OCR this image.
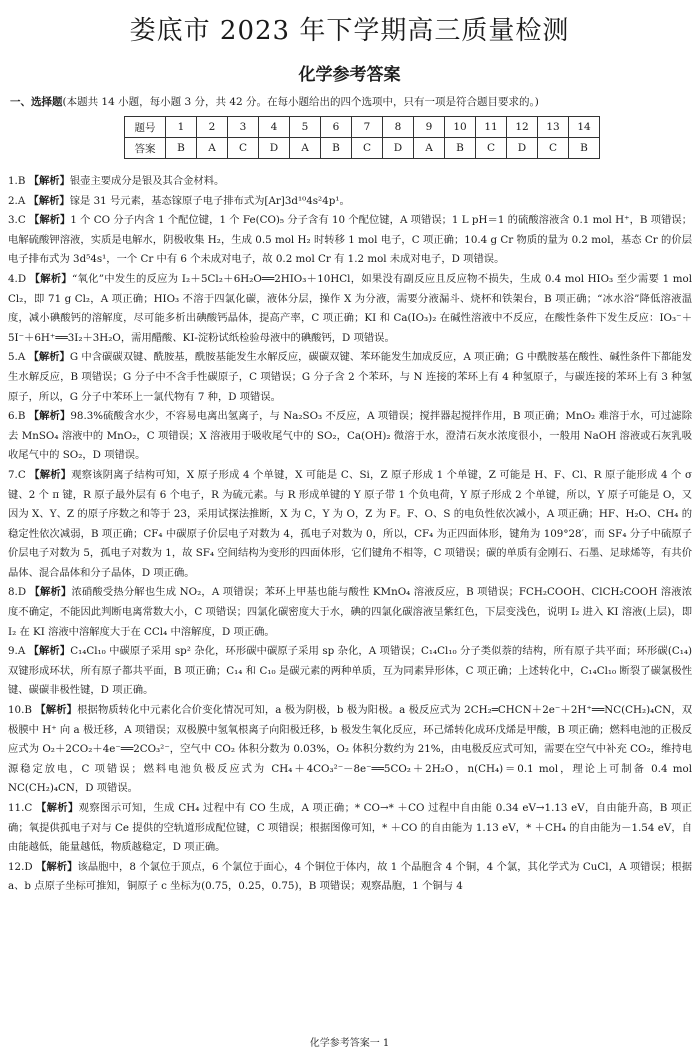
娄底市 2023 年下学期高三质量检测
化学参考答案
一、选择题(本题共 14 小题，每小题 3 分，共 42 分。在每小题给出的四个选项中，只有一项是符合题目要求的。)
题号	1	2	3	4	5	6	7	8	9	10	11	12	13	14
答案	B	A	C	D	A	B	C	D	A	B	C	D	C	B

1.B 【解析】银壶主要成分是银及其合金材料。

2.A 【解析】镓是 31 号元素，基态镓原子电子排布式为[Ar]3d¹⁰4s²4p¹。

3.C 【解析】1 个 CO 分子内含 1 个配位键，1 个 Fe(CO)₅ 分子含有 10 个配位键，A 项错误；1 L pH＝1 的硫酸溶液含 0.1 mol H⁺，B 项错误；电解硫酸钾溶液，实质是电解水，阴极收集 H₂，生成 0.5 mol H₂ 时转移 1 mol 电子，C 项正确；10.4 g Cr 物质的量为 0.2 mol，基态 Cr 的价层电子排布式为 3d⁵4s¹，一个 Cr 中有 6 个未成对电子，故 0.2 mol Cr 有 1.2 mol 未成对电子，D 项错误。

4.D 【解析】“氧化”中发生的反应为 I₂＋5Cl₂＋6H₂O══2HIO₃＋10HCl，如果没有副反应且反应物不损失，生成 0.4 mol HIO₃ 至少需要 1 mol Cl₂，即 71 g Cl₂，A 项正确；HIO₃ 不溶于四氯化碳，液体分层，操作 X 为分液，需要分液漏斗、烧杯和铁架台，B 项正确；“冰水浴”降低溶液温度，减小碘酸钙的溶解度，尽可能多析出碘酸钙晶体，提高产率，C 项正确；KI 和 Ca(IO₃)₂ 在碱性溶液中不反应，在酸性条件下发生反应：IO₃⁻＋5I⁻＋6H⁺══3I₂＋3H₂O，需用醋酸、KI-淀粉试纸检验母液中的碘酸钙，D 项错误。

5.A 【解析】G 中含碳碳双键、酰胺基，酰胺基能发生水解反应，碳碳双键、苯环能发生加成反应，A 项正确；G 中酰胺基在酸性、碱性条件下都能发生水解反应，B 项错误；G 分子中不含手性碳原子，C 项错误；G 分子含 2 个苯环，与 N 连接的苯环上有 4 种氢原子，与碳连接的苯环上有 3 种氢原子，所以，G 分子中苯环上一氯代物有 7 种，D 项错误。

6.B 【解析】98.3%硫酸含水少，不容易电离出氢离子，与 Na₂SO₃ 不反应，A 项错误；搅拌器起搅拌作用，B 项正确；MnO₂ 难溶于水，可过滤除去 MnSO₄ 溶液中的 MnO₂，C 项错误；X 溶液用于吸收尾气中的 SO₂，Ca(OH)₂ 微溶于水，澄清石灰水浓度很小，一般用 NaOH 溶液或石灰乳吸收尾气中的 SO₂，D 项错误。

7.C 【解析】观察该阴离子结构可知，X 原子形成 4 个单键，X 可能是 C、Si，Z 原子形成 1 个单键，Z 可能是 H、F、Cl、R 原子能形成 4 个 σ 键、2 个 π 键，R 原子最外层有 6 个电子，R 为硫元素。与 R 形成单键的 Y 原子带 1 个负电荷，Y 原子形成 2 个单键，所以，Y 原子可能是 O，又因为 X、Y、Z 的原子序数之和等于 23，采用试探法推断，X 为 C，Y 为 O，Z 为 F。F、O、S 的电负性依次减小，A 项正确；HF、H₂O、CH₄ 的稳定性依次减弱，B 项正确；CF₄ 中碳原子价层电子对数为 4，孤电子对数为 0，所以，CF₄ 为正四面体形，键角为 109°28′，而 SF₄ 分子中硫原子价层电子对数为 5，孤电子对数为 1，故 SF₄ 空间结构为变形的四面体形，它们键角不相等，C 项错误；碳的单质有金刚石、石墨、足球烯等，有共价晶体、混合晶体和分子晶体，D 项正确。

8.D 【解析】浓硝酸受热分解也生成 NO₂，A 项错误；苯环上甲基也能与酸性 KMnO₄ 溶液反应，B 项错误；FCH₂COOH、ClCH₂COOH 溶液浓度不确定，不能因此判断电离常数大小，C 项错误；四氯化碳密度大于水，碘的四氯化碳溶液呈紫红色，下层变浅色，说明 I₂ 进入 KI 溶液(上层)，即 I₂ 在 KI 溶液中溶解度大于在 CCl₄ 中溶解度，D 项正确。

9.A 【解析】C₁₄Cl₁₀ 中碳原子采用 sp² 杂化，环形碳中碳原子采用 sp 杂化，A 项错误；C₁₄Cl₁₀ 分子类似萘的结构，所有原子共平面；环形碳(C₁₄)双键形成环状，所有原子都共平面，B 项正确；C₁₄ 和 C₁₀ 是碳元素的两种单质，互为同素异形体，C 项正确；上述转化中，C₁₄Cl₁₀ 断裂了碳氯极性键、碳碳非极性键，D 项正确。

10.B 【解析】根据物质转化中元素化合价变化情况可知，a 极为阴极，b 极为阳极。a 极反应式为 2CH₂═CHCN＋2e⁻＋2H⁺══NC(CH₂)₄CN，双极膜中 H⁺ 向 a 极迁移，A 项错误；双极膜中氢氧根离子向阳极迁移，b 极发生氧化反应，环己烯转化成环戊烯是甲酸，B 项正确；燃料电池的正极反应式为 O₂＋2CO₂＋4e⁻══2CO₃²⁻，空气中 CO₂ 体积分数为 0.03%，O₂ 体积分数约为 21%，由电极反应式可知，需要在空气中补充 CO₂，维持电源稳定放电，C 项错误；燃料电池负极反应式为 CH₄＋4CO₃²⁻－8e⁻══5CO₂＋2H₂O，n(CH₄)＝0.1 mol，理论上可制备 0.4 mol NC(CH₂)₄CN，D 项错误。

11.C 【解析】观察图示可知，生成 CH₄ 过程中有 CO 生成，A 项正确；* CO→* ＋CO 过程中自由能 0.34 eV→1.13 eV，自由能升高，B 项正确；氧提供孤电子对与 Ce 提供的空轨道形成配位键，C 项错误；根据图像可知，* ＋CO 的自由能为 1.13 eV，* ＋CH₄ 的自由能为－1.54 eV，自由能越低，能量越低，物质越稳定，D 项正确。

12.D 【解析】该晶胞中，8 个氯位于顶点，6 个氯位于面心，4 个铜位于体内，故 1 个晶胞含 4 个铜，4 个氯，其化学式为 CuCl，A 项错误；根据 a、b 点原子坐标可推知，铜原子 c 坐标为(0.75，0.25，0.75)，B 项错误；观察晶胞，1 个铜与 4

化学参考答案一 1
